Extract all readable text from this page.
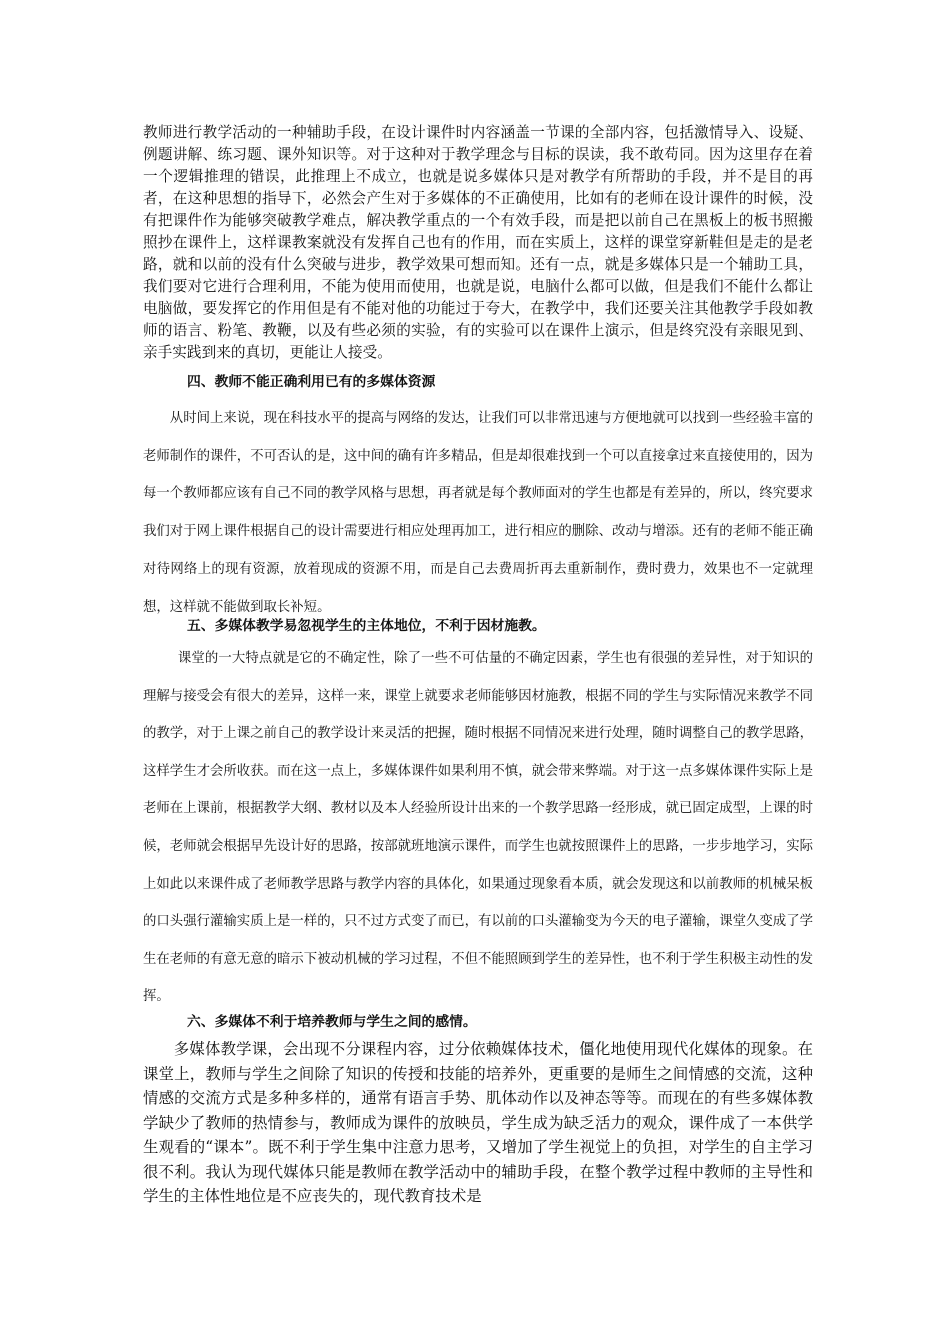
教师进行教学活动的一种辅助手段，在设计课件时内容涵盖一节课的全部内容，包括激情导入、设疑、例题讲解、练习题、课外知识等。对于这种对于教学理念与目标的误读，我不敢苟同。因为这里存在着一个逻辑推理的错误，此推理上不成立，也就是说多媒体只是对教学有所帮助的手段，并不是目的再者，在这种思想的指导下，必然会产生对于多媒体的不正确使用，比如有的老师在设计课件的时候，没有把课件作为能够突破教学难点，解决教学重点的一个有效手段，而是把以前自己在黑板上的板书照搬照抄在课件上，这样课教案就没有发挥自己也有的作用，而在实质上，这样的课堂穿新鞋但是走的是老路，就和以前的没有什么突破与进步，教学效果可想而知。还有一点，就是多媒体只是一个辅助工具，我们要对它进行合理利用，不能为使用而使用，也就是说，电脑什么都可以做，但是我们不能什么都让电脑做，要发挥它的作用但是有不能对他的功能过于夸大，在教学中，我们还要关注其他教学手段如教师的语言、粉笔、教鞭，以及有些必须的实验，有的实验可以在课件上演示，但是终究没有亲眼见到、亲手实践到来的真切，更能让人接受。

四、教师不能正确利用已有的多媒体资源

从时间上来说，现在科技水平的提高与网络的发达，让我们可以非常迅速与方便地就可以找到一些经验丰富的老师制作的课件，不可否认的是，这中间的确有许多精品，但是却很难找到一个可以直接拿过来直接使用的，因为每一个教师都应该有自己不同的教学风格与思想，再者就是每个教师面对的学生也都是有差异的，所以，终究要求我们对于网上课件根据自己的设计需要进行相应处理再加工，进行相应的删除、改动与增添。还有的老师不能正确对待网络上的现有资源，放着现成的资源不用，而是自己去费周折再去重新制作，费时费力，效果也不一定就理想，这样就不能做到取长补短。

五、多媒体教学易忽视学生的主体地位，不利于因材施教。

课堂的一大特点就是它的不确定性，除了一些不可估量的不确定因素，学生也有很强的差异性，对于知识的理解与接受会有很大的差异，这样一来，课堂上就要求老师能够因材施教，根据不同的学生与实际情况来教学不同的教学，对于上课之前自己的教学设计来灵活的把握，随时根据不同情况来进行处理，随时调整自己的教学思路，这样学生才会所收获。而在这一点上，多媒体课件如果利用不慎，就会带来弊端。对于这一点多媒体课件实际上是老师在上课前，根据教学大纲、教材以及本人经验所设计出来的一个教学思路一经形成，就已固定成型，上课的时候，老师就会根据早先设计好的思路，按部就班地演示课件，而学生也就按照课件上的思路，一步步地学习，实际上如此以来课件成了老师教学思路与教学内容的具体化，如果通过现象看本质，就会发现这和以前教师的机械呆板的口头强行灌输实质上是一样的，只不过方式变了而已，有以前的口头灌输变为今天的电子灌输，课堂久变成了学生在老师的有意无意的暗示下被动机械的学习过程，不但不能照顾到学生的差异性，也不利于学生积极主动性的发挥。

六、多媒体不利于培养教师与学生之间的感情。

多媒体教学课，会出现不分课程内容，过分依赖媒体技术，僵化地使用现代化媒体的现象。在课堂上，教师与学生之间除了知识的传授和技能的培养外，更重要的是师生之间情感的交流，这种情感的交流方式是多种多样的，通常有语言手势、肌体动作以及神态等等。而现在的有些多媒体教学缺少了教师的热情参与，教师成为课件的放映员，学生成为缺乏活力的观众，课件成了一本供学生观看的“课本”。既不利于学生集中注意力思考，又增加了学生视觉上的负担，对学生的自主学习很不利。我认为现代媒体只能是教师在教学活动中的辅助手段，在整个教学过程中教师的主导性和学生的主体性地位是不应丧失的，现代教育技术是
